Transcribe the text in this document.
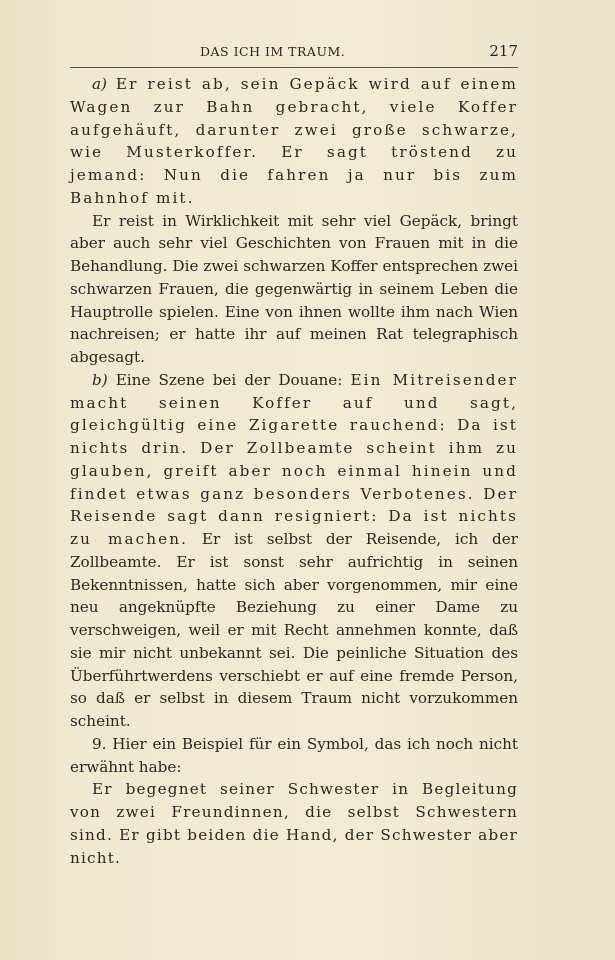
DAS ICH IM TRAUM.	217

a) Er reist ab, sein Gepäck wird auf einem Wagen zur Bahn gebracht, viele Koffer aufgehäuft, darunter zwei große schwarze, wie Musterkoffer. Er sagt tröstend zu jemand: Nun die fahren ja nur bis zum Bahnhof mit.

Er reist in Wirklichkeit mit sehr viel Gepäck, bringt aber auch sehr viel Geschichten von Frauen mit in die Behandlung. Die zwei schwarzen Koffer entsprechen zwei schwarzen Frauen, die gegenwärtig in seinem Leben die Hauptrolle spielen. Eine von ihnen wollte ihm nach Wien nachreisen; er hatte ihr auf meinen Rat telegraphisch abgesagt.

b) Eine Szene bei der Douane: Ein Mitreisender macht seinen Koffer auf und sagt, gleichgültig eine Zigarette rauchend: Da ist nichts drin. Der Zollbeamte scheint ihm zu glauben, greift aber noch einmal hinein und findet etwas ganz besonders Verbotenes. Der Reisende sagt dann resigniert: Da ist nichts zu machen. Er ist selbst der Reisende, ich der Zollbeamte. Er ist sonst sehr aufrichtig in seinen Bekenntnissen, hatte sich aber vorgenommen, mir eine neu angeknüpfte Beziehung zu einer Dame zu verschweigen, weil er mit Recht annehmen konnte, daß sie mir nicht unbekannt sei. Die peinliche Situation des Überführtwerdens verschiebt er auf eine fremde Person, so daß er selbst in diesem Traum nicht vorzukommen scheint.

9. Hier ein Beispiel für ein Symbol, das ich noch nicht erwähnt habe:

Er begegnet seiner Schwester in Begleitung von zwei Freundinnen, die selbst Schwestern sind. Er gibt beiden die Hand, der Schwester aber nicht.
